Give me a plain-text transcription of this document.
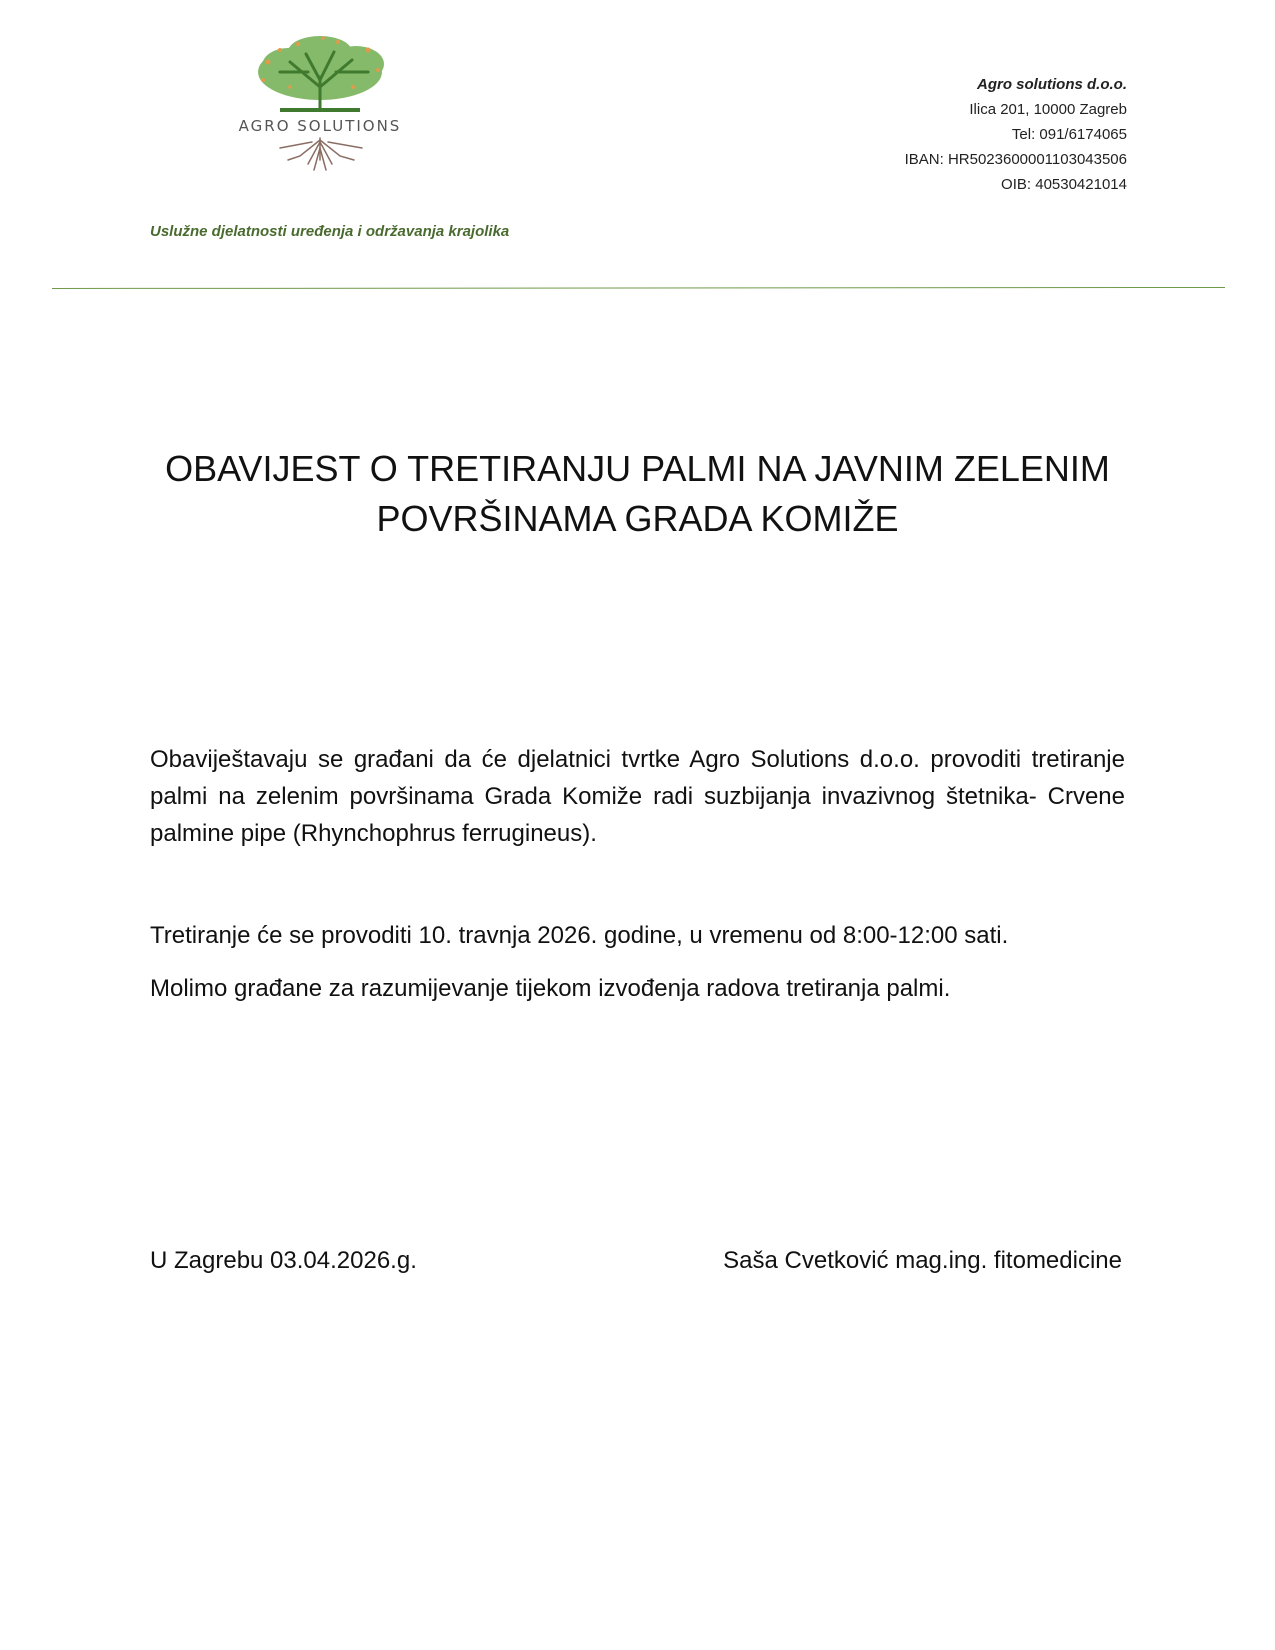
AGRO SOLUTIONS
Agro solutions d.o.o.
Ilica 201, 10000 Zagreb
Tel: 091/6174065
IBAN: HR5023600001103043506
OIB: 40530421014
Uslužne djelatnosti uređenja i održavanja krajolika
OBAVIJEST O TRETIRANJU PALMI NA JAVNIM ZELENIM
POVRŠINAMA GRADA KOMIŽE
Obaviještavaju se građani da će djelatnici tvrtke Agro Solutions d.o.o. provoditi tretiranje palmi na zelenim površinama Grada Komiže radi suzbijanja invazivnog štetnika- Crvene palmine pipe (Rhynchophrus ferrugineus).
Tretiranje će se provoditi 10. travnja 2026. godine, u vremenu od 8:00-12:00 sati.
Molimo građane za razumijevanje tijekom izvođenja radova tretiranja palmi.
U Zagrebu 03.04.2026.g.	Saša Cvetković mag.ing. fitomedicine
